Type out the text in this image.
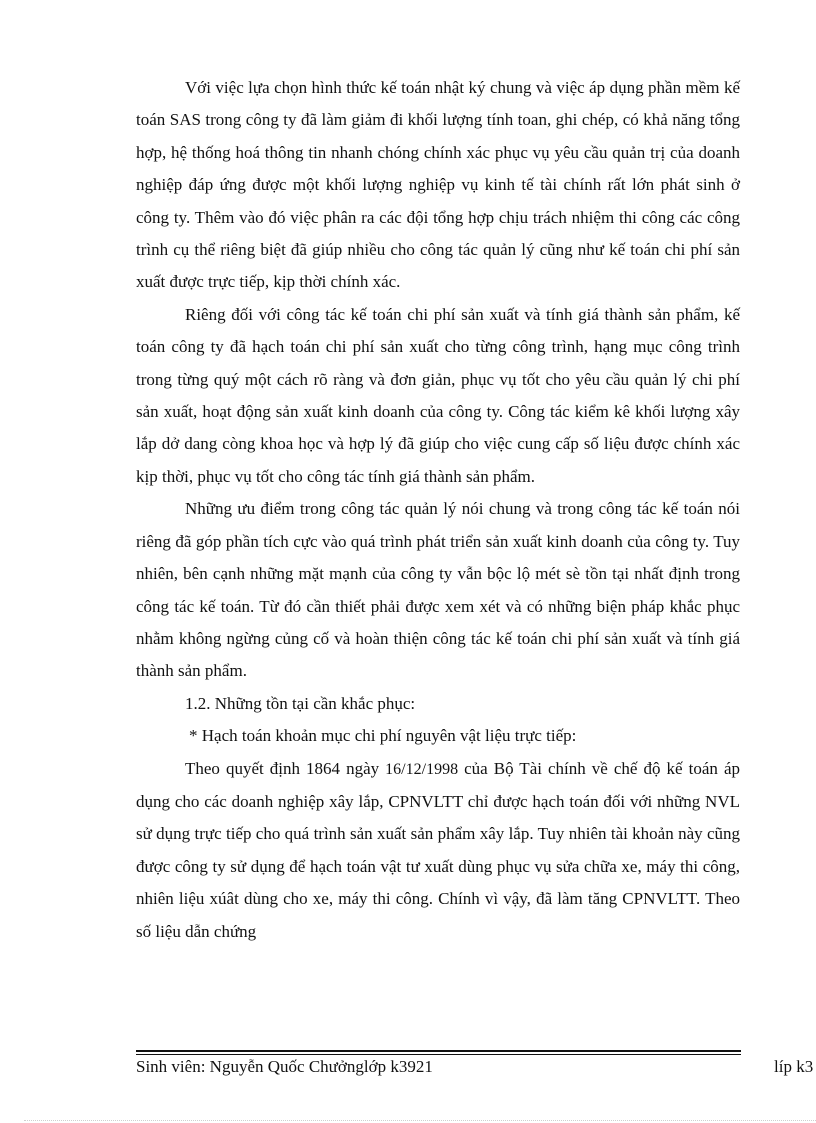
Với việc lựa chọn hình thức kế toán nhật ký chung và việc áp dụng phần mềm kế toán SAS trong công ty đã làm giảm đi khối lượng tính toan, ghi chép, có khả năng tổng hợp, hệ thống hoá thông tin nhanh chóng chính xác phục vụ yêu cầu quản trị của doanh nghiệp đáp ứng được một khối lượng nghiệp vụ kinh tế tài chính rất lớn phát sinh ở công ty. Thêm vào đó việc phân ra các đội tổng hợp chịu trách nhiệm thi công các công trình cụ thể riêng biệt đã giúp nhiều cho công tác quản lý cũng như kế toán chi phí sản xuất được trực tiếp, kịp thời chính xác.

Riêng đối với công tác kế toán chi phí sản xuất và tính giá thành sản phẩm, kế toán công ty đã hạch toán chi phí sản xuất cho từng công trình, hạng mục công trình trong từng quý một cách rõ ràng và đơn giản, phục vụ tốt cho yêu cầu quản lý chi phí sản xuất, hoạt động sản xuất kinh doanh của công ty. Công tác kiểm kê khối lượng xây lắp dở dang còng khoa học và hợp lý đã giúp cho việc cung cấp số liệu được chính xác kịp thời, phục vụ tốt cho công tác tính giá thành sản phẩm.

Những ưu điểm trong công tác quản lý nói chung và trong công tác kế toán nói riêng đã góp phần tích cực vào quá trình phát triển sản xuất kinh doanh của công ty. Tuy nhiên, bên cạnh những mặt mạnh của công ty vẫn bộc lộ mét sè tồn tại nhất định trong công tác kế toán. Từ đó cần thiết phải được xem xét và có những biện pháp khắc phục nhằm không ngừng củng cố và hoàn thiện công tác kế toán chi phí sản xuất và tính giá thành sản phẩm.

1.2. Những tồn tại cần khắc phục:

* Hạch toán khoản mục chi phí nguyên vật liệu trực tiếp:

Theo quyết định 1864 ngày 16/12/1998 của Bộ Tài chính về chế độ kế toán áp dụng cho các doanh nghiệp xây lắp, CPNVLTT chỉ được hạch toán đối với những NVL sử dụng trực tiếp cho quá trình sản xuất sản phẩm xây lắp. Tuy nhiên tài khoản này cũng được công ty sử dụng để hạch toán vật tư xuất dùng phục vụ sửa chữa xe, máy thi công, nhiên liệu xúât dùng cho xe, máy thi công. Chính vì vậy, đã làm tăng CPNVLTT. Theo số liệu dẫn chứng

Sinh viên: Nguyễn Quốc Chưởnglớp k3921	líp k3
